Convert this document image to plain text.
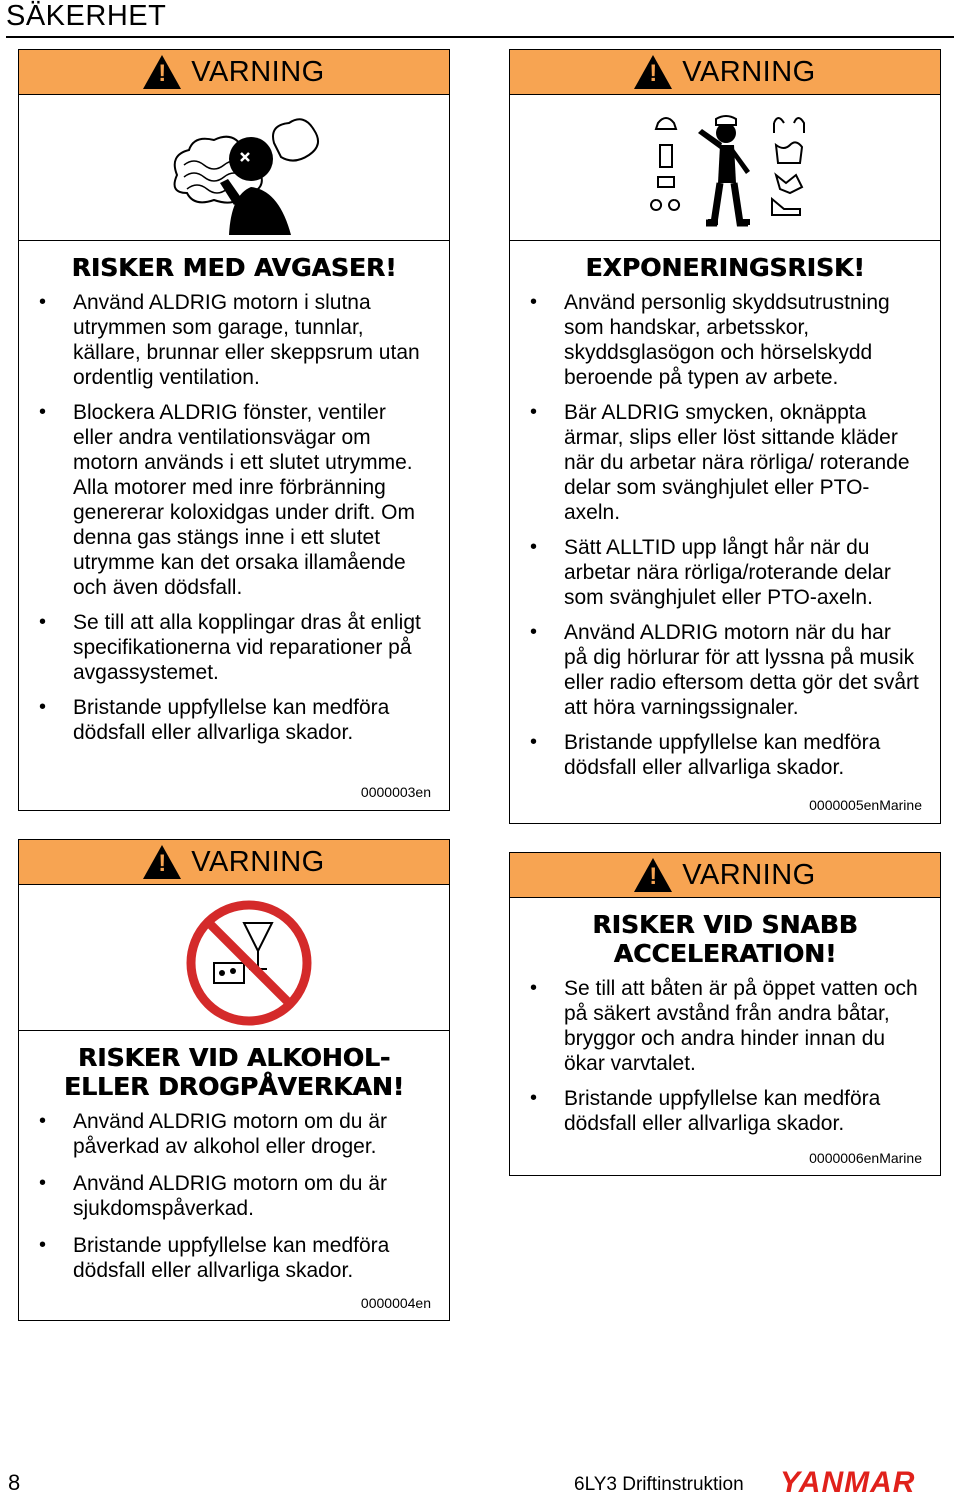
SÄKERHET
!
VARNING
RISKER MED AVGASER!
• Använd ALDRIG motorn i slutna utrymmen som garage, tunnlar, källare, brunnar eller skeppsrum utan ordentlig ventilation.
• Blockera ALDRIG fönster, ventiler eller andra ventilationsvägar om motorn används i ett slutet utrymme. Alla motorer med inre förbränning genererar koloxidgas under drift. Om denna gas stängs inne i ett slutet utrymme kan det orsaka illamående och även dödsfall.
• Se till att alla kopplingar dras åt enligt specifikationerna vid reparationer på avgassystemet.
• Bristande uppfyllelse kan medföra dödsfall eller allvarliga skador.
0000003en
!
VARNING
EXPONERINGSRISK!
• Använd personlig skyddsutrustning som handskar, arbetsskor, skyddsglasögon och hörselskydd beroende på typen av arbete.
• Bär ALDRIG smycken, oknäppta ärmar, slips eller löst sittande kläder när du arbetar nära rörliga/ roterande delar som svänghjulet eller PTO-axeln.
• Sätt ALLTID upp långt hår när du arbetar nära rörliga/roterande delar som svänghjulet eller PTO-axeln.
• Använd ALDRIG motorn när du har på dig hörlurar för att lyssna på musik eller radio eftersom detta gör det svårt att höra varningssignaler.
• Bristande uppfyllelse kan medföra dödsfall eller allvarliga skador.
0000005enMarine
!
VARNING
RISKER VID ALKOHOL- ELLER DROGPÅVERKAN!
• Använd ALDRIG motorn om du är påverkad av alkohol eller droger.
• Använd ALDRIG motorn om du är sjukdomspåverkad.
• Bristande uppfyllelse kan medföra dödsfall eller allvarliga skador.
0000004en
!
VARNING
RISKER VID SNABB ACCELERATION!
• Se till att båten är på öppet vatten och på säkert avstånd från andra båtar, bryggor och andra hinder innan du ökar varvtalet.
• Bristande uppfyllelse kan medföra dödsfall eller allvarliga skador.
0000006enMarine
8	6LY3 Driftinstruktion YANMAR
